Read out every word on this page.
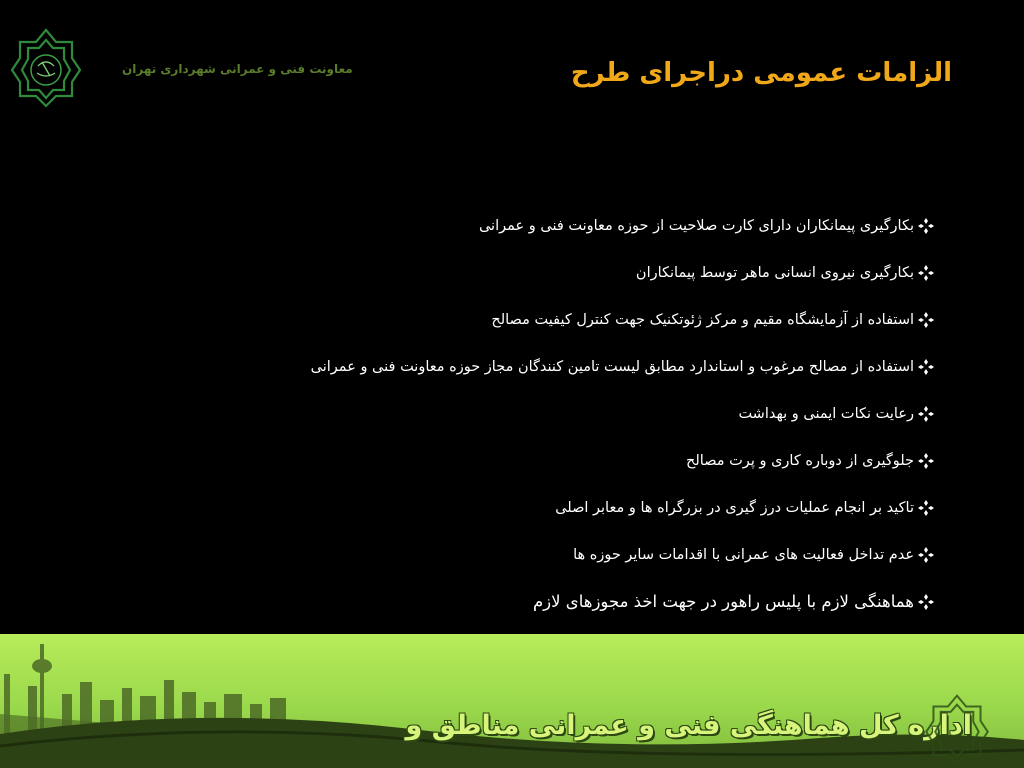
معاونت فنی و عمرانی شهرداری تهران	الزامات عمومی دراجرای طرح
بکارگیری پیمانکاران دارای کارت صلاحیت از حوزه معاونت فنی و عمرانی
بکارگیری نیروی انسانی ماهر توسط پیمانکاران
استفاده از آزمایشگاه مقیم و مرکز ژئوتکنیک جهت کنترل کیفیت مصالح
استفاده از مصالح مرغوب و استاندارد مطابق لیست تامین کنندگان مجاز حوزه معاونت فنی و عمرانی
رعایت نکات ایمنی و بهداشت
جلوگیری از دوباره کاری و پرت مصالح
تاکید بر انجام عملیات درز گیری در بزرگراه ها و معابر اصلی
عدم تداخل فعالیت های عمرانی با اقدامات سایر حوزه ها
هماهنگی لازم با پلیس راهور در جهت اخذ مجوزهای لازم
اداره کل هماهنگی فنی و عمرانی مناطق و
